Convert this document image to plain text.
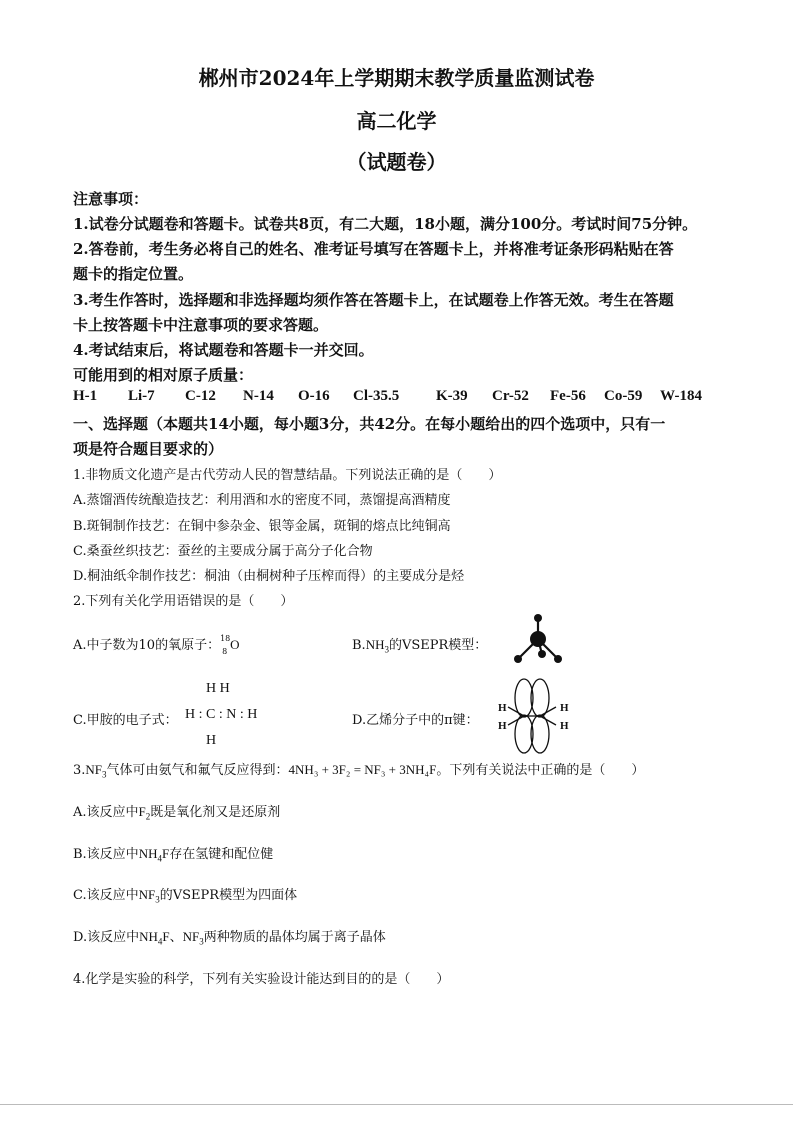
郴州市2024年上学期期末教学质量监测试卷
高二化学
（试题卷）
注意事项：
1.试卷分试题卷和答题卡。试卷共8页，有二大题，18小题，满分100分。考试时间75分钟。
2.答卷前，考生务必将自己的姓名、准考证号填写在答题卡上，并将准考证条形码粘贴在答
题卡的指定位置。
3.考生作答时，选择题和非选择题均须作答在答题卡上，在试题卷上作答无效。考生在答题
卡上按答题卡中注意事项的要求答题。
4.考试结束后，将试题卷和答题卡一并交回。
可能用到的相对原子质量：
H-1 Li-7 C-12 N-14 O-16 Cl-35.5 K-39 Cr-52 Fe-56 Co-59 W-184
一、选择题（本题共14小题，每小题3分，共42分。在每小题给出的四个选项中，只有一
项是符合题目要求的）
1.非物质文化遗产是古代劳动人民的智慧结晶。下列说法正确的是（　　）
A.蒸馏酒传统酿造技艺：利用酒和水的密度不同，蒸馏提高酒精度
B.斑铜制作技艺：在铜中参杂金、银等金属，斑铜的熔点比纯铜高
C.桑蚕丝织技艺：蚕丝的主要成分属于高分子化合物
D.桐油纸伞制作技艺：桐油（由桐树种子压榨而得）的主要成分是烃
2.下列有关化学用语错误的是（　　）
A.中子数为10的氧原子： 18
8 O	$B.NH_3$的VSEPR模型：
C.甲胺的电子式：
H H
H : C : N : H
H
D.乙烯分子中的π键：
H
H
H
H
$3.NF_3$气体可由氨气和氟气反应得到：4NH₃ + 3F₂ = NF₃ + 3NH₄F。下列有关说法中正确的是（　　）
A.该反应中$F_2$既是氧化剂又是还原剂
B.该反应中$NH_4F$存在氢键和配位健
C.该反应中$NF_3$的VSEPR模型为四面体
D.该反应中$NH_4F$、$NF_3$两种物质的晶体均属于离子晶体
4.化学是实验的科学，下列有关实验设计能达到目的的是（　　）
